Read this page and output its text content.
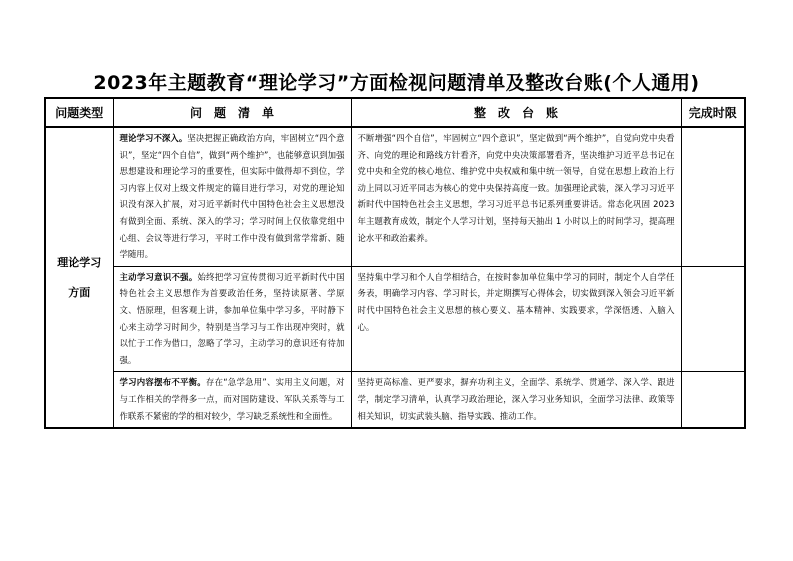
2023年主题教育“理论学习”方面检视问题清单及整改台账(个人通用)
问题类型	问　题　清　单	整　改　台　账	完成时限

理论学习
方面	理论学习不深入。坚决把握正确政治方向，牢固树立“四个意识”，坚定“四个自信”，做到“两个维护”，也能够意识到加强思想建设和理论学习的重要性，但实际中做得却不到位，学习内容上仅对上级文件规定的篇目进行学习，对党的理论知识没有深入扩展，对习近平新时代中国特色社会主义思想没有做到全面、系统、深入的学习；学习时间上仅依靠党组中心组、会议等进行学习，平时工作中没有做到常学常新、随学随用。	不断增强“四个自信”，牢固树立“四个意识”，坚定做到“两个维护”，自觉向党中央看齐、向党的理论和路线方针看齐，向党中央决策部署看齐，坚决维护习近平总书记在党中央和全党的核心地位、维护党中央权威和集中统一领导，自觉在思想上政治上行动上同以习近平同志为核心的党中央保持高度一致。加强理论武装，深入学习习近平新时代中国特色社会主义思想，学习习近平总书记系列重要讲话。常态化巩固 2023 年主题教育成效，制定个人学习计划，坚持每天抽出 1 小时以上的时间学习，提高理论水平和政治素养。	
	主动学习意识不强。始终把学习宣传贯彻习近平新时代中国特色社会主义思想作为首要政治任务，坚持读原著、学原文、悟原理，但客观上讲，参加单位集中学习多，平时静下心来主动学习时间少，特别是当学习与工作出现冲突时，就以忙于工作为借口，忽略了学习，主动学习的意识还有待加强。	坚持集中学习和个人自学相结合，在按时参加单位集中学习的同时，制定个人自学任务表，明确学习内容、学习时长，并定期撰写心得体会，切实做到深入领会习近平新时代中国特色社会主义思想的核心要义、基本精神、实践要求，学深悟透、入脑入心。	
	学习内容摆布不平衡。存在“急学急用”、实用主义问题，对与工作相关的学得多一点，而对国防建设、军队关系等与工作联系不紧密的学的相对较少，学习缺乏系统性和全面性。	坚持更高标准、更严要求，摒弃功利主义，全面学、系统学、贯通学、深入学、跟进学，制定学习清单，认真学习政治理论，深入学习业务知识，全面学习法律、政策等相关知识，切实武装头脑、指导实践、推动工作。	
